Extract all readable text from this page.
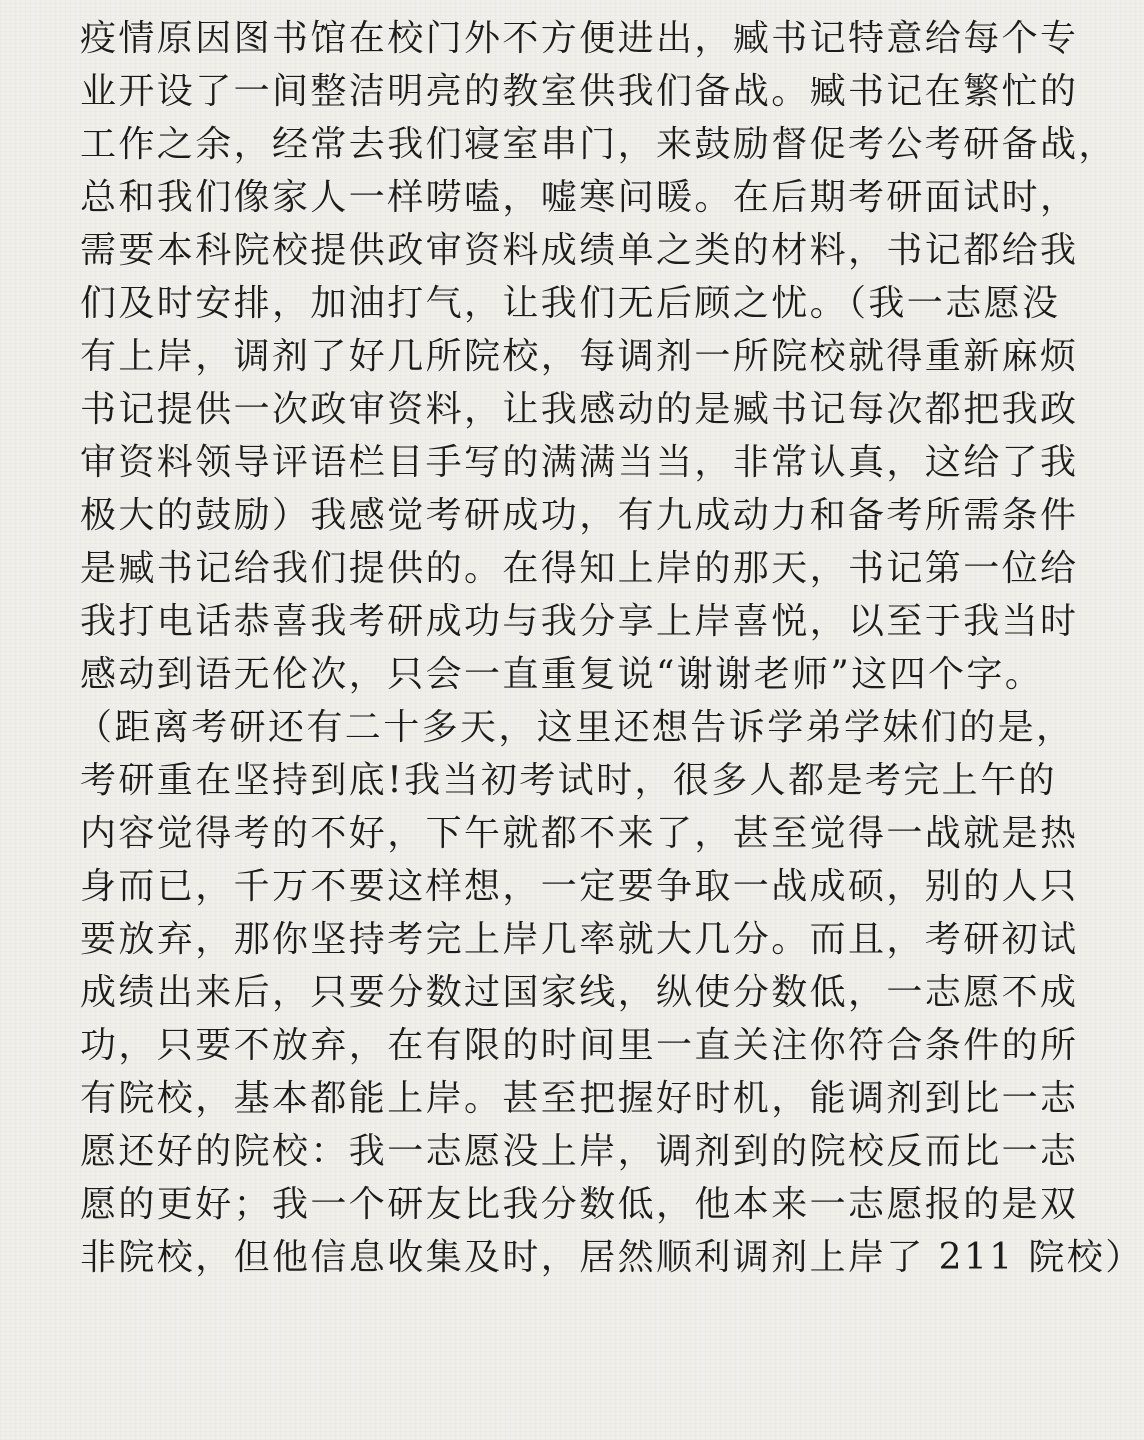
疫情原因图书馆在校门外不方便进出，臧书记特意给每个专
业开设了一间整洁明亮的教室供我们备战。臧书记在繁忙的
工作之余，经常去我们寝室串门，来鼓励督促考公考研备战，
总和我们像家人一样唠嗑，嘘寒问暖。在后期考研面试时，
需要本科院校提供政审资料成绩单之类的材料，书记都给我
们及时安排，加油打气，让我们无后顾之忧。（我一志愿没
有上岸，调剂了好几所院校，每调剂一所院校就得重新麻烦
书记提供一次政审资料，让我感动的是臧书记每次都把我政
审资料领导评语栏目手写的满满当当，非常认真，这给了我
极大的鼓励）我感觉考研成功，有九成动力和备考所需条件
是臧书记给我们提供的。在得知上岸的那天，书记第一位给
我打电话恭喜我考研成功与我分享上岸喜悦，以至于我当时
感动到语无伦次，只会一直重复说“谢谢老师”这四个字。
（距离考研还有二十多天，这里还想告诉学弟学妹们的是，
考研重在坚持到底!我当初考试时，很多人都是考完上午的
内容觉得考的不好，下午就都不来了，甚至觉得一战就是热
身而已，千万不要这样想，一定要争取一战成硕，别的人只
要放弃，那你坚持考完上岸几率就大几分。而且，考研初试
成绩出来后，只要分数过国家线，纵使分数低，一志愿不成
功，只要不放弃，在有限的时间里一直关注你符合条件的所
有院校，基本都能上岸。甚至把握好时机，能调剂到比一志
愿还好的院校：我一志愿没上岸，调剂到的院校反而比一志
愿的更好；我一个研友比我分数低，他本来一志愿报的是双
非院校，但他信息收集及时，居然顺利调剂上岸了 211 院校）
